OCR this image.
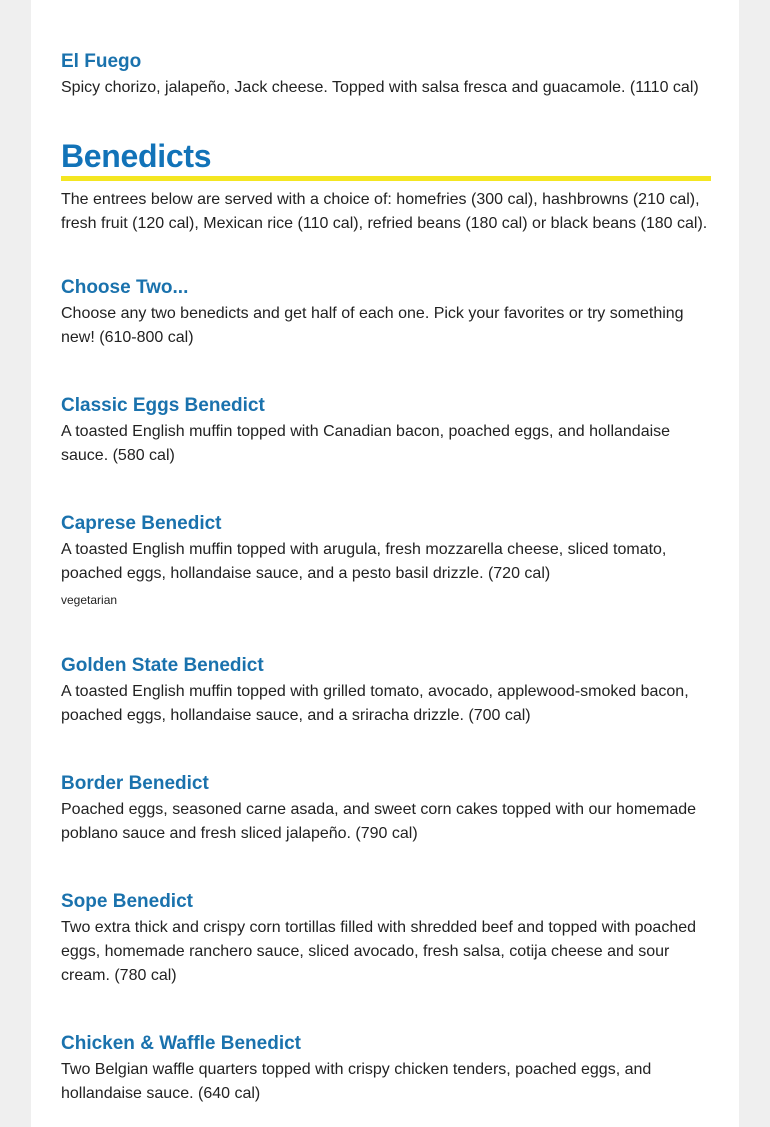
El Fuego

Spicy chorizo, jalapeño, Jack cheese. Topped with salsa fresca and guacamole. (1110 cal)

Benedicts

The entrees below are served with a choice of: homefries (300 cal), hashbrowns (210 cal), fresh fruit (120 cal), Mexican rice (110 cal), refried beans (180 cal) or black beans (180 cal).

Choose Two...

Choose any two benedicts and get half of each one. Pick your favorites or try something new! (610-800 cal)

Classic Eggs Benedict

A toasted English muffin topped with Canadian bacon, poached eggs, and hollandaise sauce. (580 cal)

Caprese Benedict

A toasted English muffin topped with arugula, fresh mozzarella cheese, sliced tomato, poached eggs, hollandaise sauce, and a pesto basil drizzle. (720 cal)

vegetarian
Golden State Benedict

A toasted English muffin topped with grilled tomato, avocado, applewood-smoked bacon, poached eggs, hollandaise sauce, and a sriracha drizzle. (700 cal)

Border Benedict

Poached eggs, seasoned carne asada, and sweet corn cakes topped with our homemade poblano sauce and fresh sliced jalapeño. (790 cal)

Sope Benedict

Two extra thick and crispy corn tortillas filled with shredded beef and topped with poached eggs, homemade ranchero sauce, sliced avocado, fresh salsa, cotija cheese and sour cream. (780 cal)

Chicken & Waffle Benedict

Two Belgian waffle quarters topped with crispy chicken tenders, poached eggs, and hollandaise sauce. (640 cal)
